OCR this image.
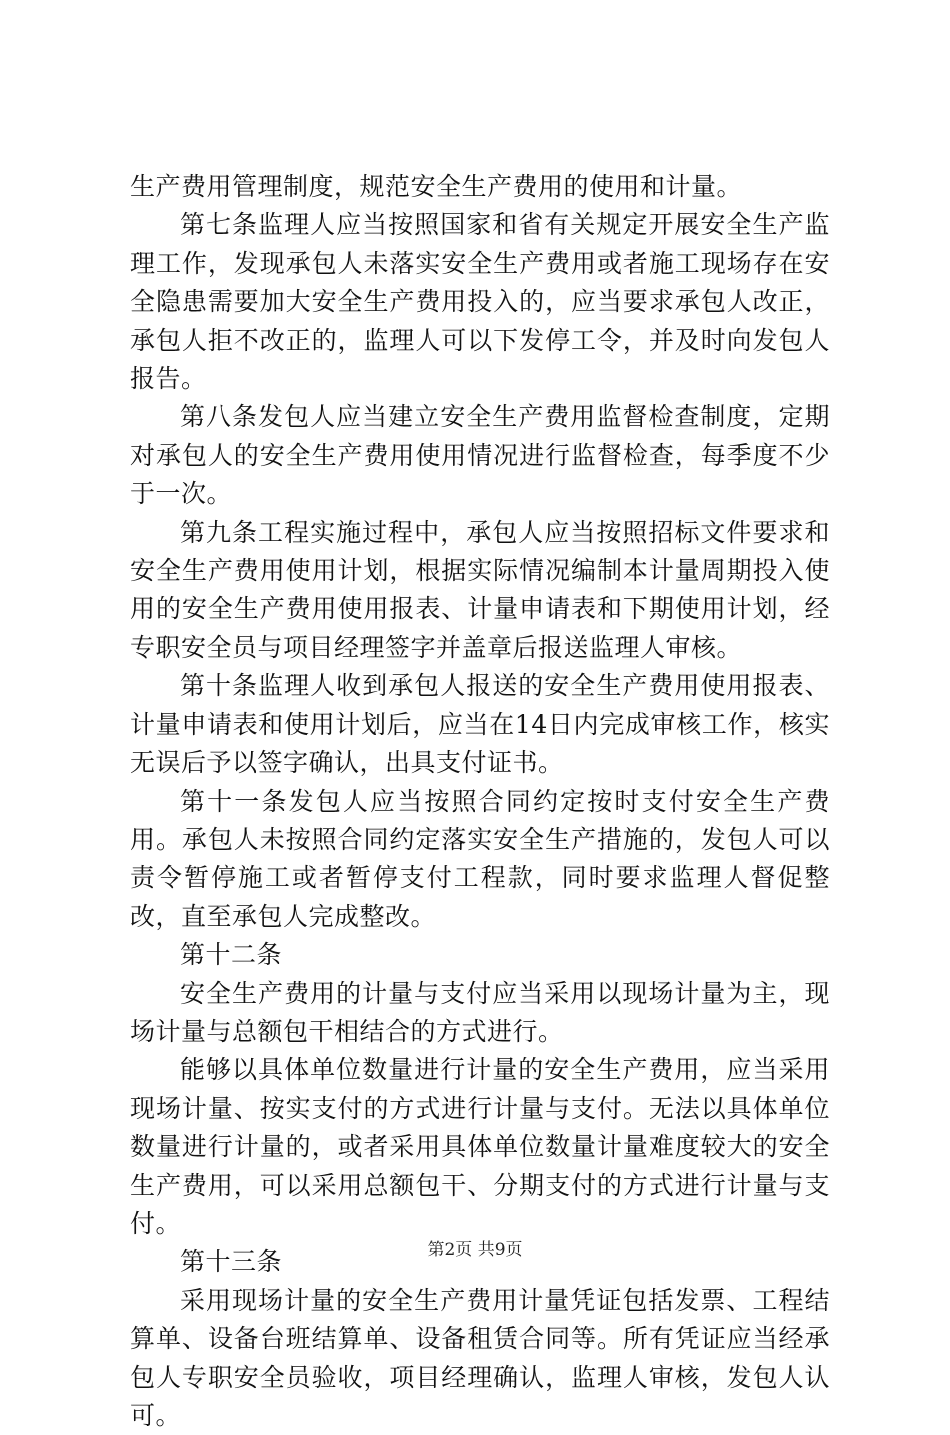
生产费用管理制度，规范安全生产费用的使用和计量。

第七条监理人应当按照国家和省有关规定开展安全生产监理工作，发现承包人未落实安全生产费用或者施工现场存在安全隐患需要加大安全生产费用投入的，应当要求承包人改正，承包人拒不改正的，监理人可以下发停工令，并及时向发包人报告。

第八条发包人应当建立安全生产费用监督检查制度，定期对承包人的安全生产费用使用情况进行监督检查，每季度不少于一次。

第九条工程实施过程中，承包人应当按照招标文件要求和安全生产费用使用计划，根据实际情况编制本计量周期投入使用的安全生产费用使用报表、计量申请表和下期使用计划，经专职安全员与项目经理签字并盖章后报送监理人审核。

第十条监理人收到承包人报送的安全生产费用使用报表、计量申请表和使用计划后，应当在14日内完成审核工作，核实无误后予以签字确认，出具支付证书。

第十一条发包人应当按照合同约定按时支付安全生产费用。承包人未按照合同约定落实安全生产措施的，发包人可以责令暂停施工或者暂停支付工程款，同时要求监理人督促整改，直至承包人完成整改。

第十二条

安全生产费用的计量与支付应当采用以现场计量为主，现场计量与总额包干相结合的方式进行。

能够以具体单位数量进行计量的安全生产费用，应当采用现场计量、按实支付的方式进行计量与支付。无法以具体单位数量进行计量的，或者采用具体单位数量计量难度较大的安全生产费用，可以采用总额包干、分期支付的方式进行计量与支付。

第十三条

采用现场计量的安全生产费用计量凭证包括发票、工程结算单、设备台班结算单、设备租赁合同等。所有凭证应当经承包人专职安全员验收，项目经理确认，监理人审核，发包人认可。

第2页 共9页
